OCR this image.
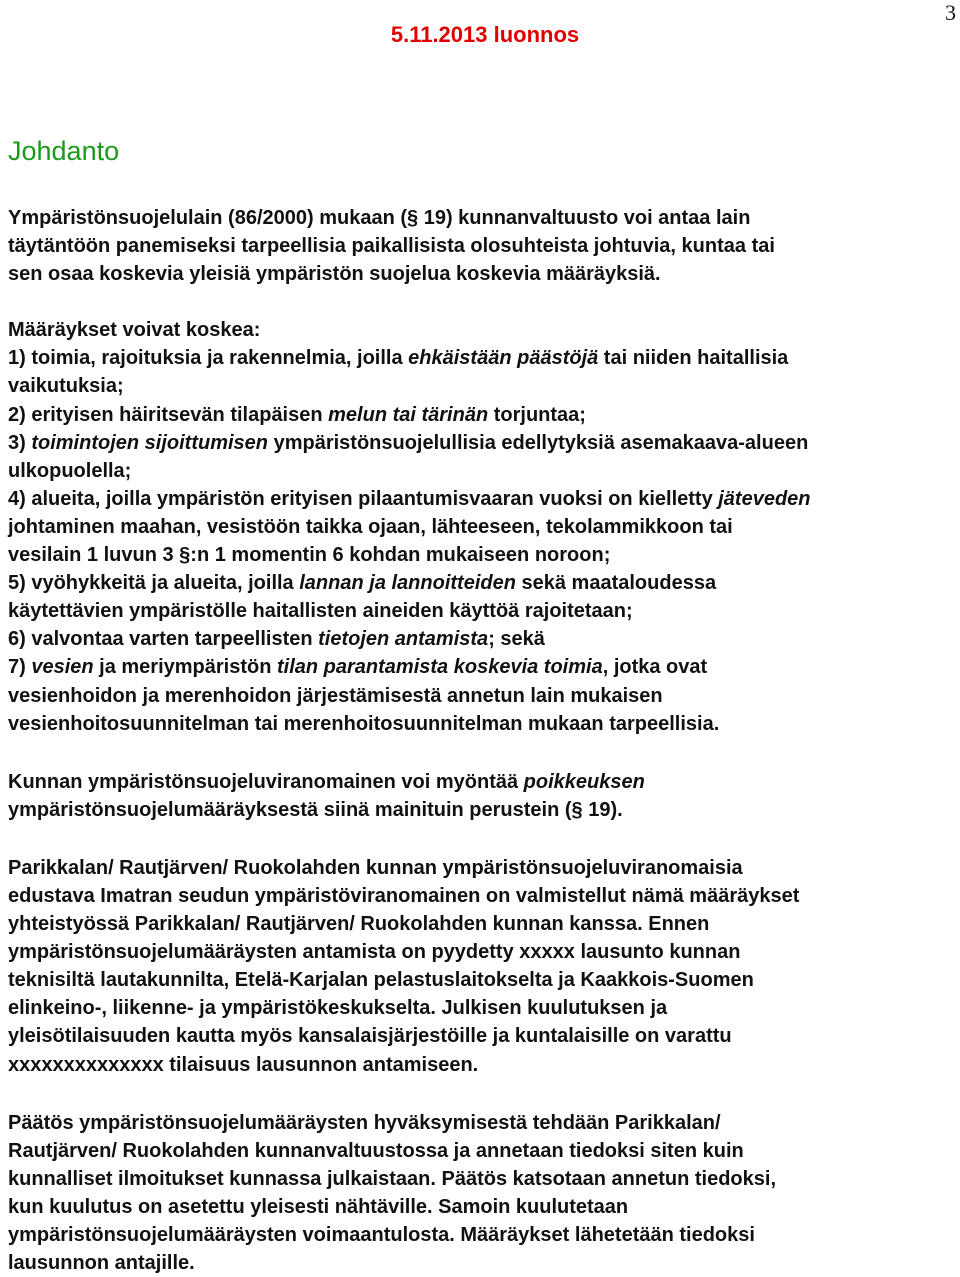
5.11.2013 luonnos
3
Johdanto

Ympäristönsuojelulain (86/2000) mukaan (§ 19) kunnanvaltuusto voi antaa lain

täytäntöön panemiseksi tarpeellisia paikallisista olosuhteista johtuvia, kuntaa tai

sen osaa koskevia yleisiä ympäristön suojelua koskevia määräyksiä.

Määräykset voivat koskea:

1) toimia, rajoituksia ja rakennelmia, joilla ehkäistään päästöjä tai niiden haitallisia

vaikutuksia;

2) erityisen häiritsevän tilapäisen melun tai tärinän torjuntaa;

3) toimintojen sijoittumisen ympäristönsuojelullisia edellytyksiä asemakaava-alueen

ulkopuolella;

4) alueita, joilla ympäristön erityisen pilaantumisvaaran vuoksi on kielletty jäteveden

johtaminen maahan, vesistöön taikka ojaan, lähteeseen, tekolammikkoon tai

vesilain 1 luvun 3 §:n 1 momentin 6 kohdan mukaiseen noroon;

5) vyöhykkeitä ja alueita, joilla lannan ja lannoitteiden sekä maataloudessa

käytettävien ympäristölle haitallisten aineiden käyttöä rajoitetaan;

6) valvontaa varten tarpeellisten tietojen antamista; sekä

7) vesien ja meriympäristön tilan parantamista koskevia toimia, jotka ovat

vesienhoidon ja merenhoidon järjestämisestä annetun lain mukaisen

vesienhoitosuunnitelman tai merenhoitosuunnitelman mukaan tarpeellisia.

Kunnan ympäristönsuojeluviranomainen voi myöntää poikkeuksen

ympäristönsuojelumääräyksestä siinä mainituin perustein (§ 19).

Parikkalan/ Rautjärven/ Ruokolahden kunnan ympäristönsuojeluviranomaisia

edustava Imatran seudun ympäristöviranomainen on valmistellut nämä määräykset

yhteistyössä Parikkalan/ Rautjärven/ Ruokolahden kunnan kanssa. Ennen

ympäristönsuojelumääräysten antamista on pyydetty xxxxx lausunto kunnan

teknisiltä lautakunnilta, Etelä-Karjalan pelastuslaitokselta ja Kaakkois-Suomen

elinkeino-, liikenne- ja ympäristökeskukselta. Julkisen kuulutuksen ja

yleisötilaisuuden kautta myös kansalaisjärjestöille ja kuntalaisille on varattu

xxxxxxxxxxxxxx tilaisuus lausunnon antamiseen.

Päätös ympäristönsuojelumääräysten hyväksymisestä tehdään Parikkalan/

Rautjärven/ Ruokolahden kunnanvaltuustossa ja annetaan tiedoksi siten kuin

kunnalliset ilmoitukset kunnassa julkaistaan. Päätös katsotaan annetun tiedoksi,

kun kuulutus on asetettu yleisesti nähtäville. Samoin kuulutetaan

ympäristönsuojelumääräysten voimaantulosta. Määräykset lähetetään tiedoksi

lausunnon antajille.
